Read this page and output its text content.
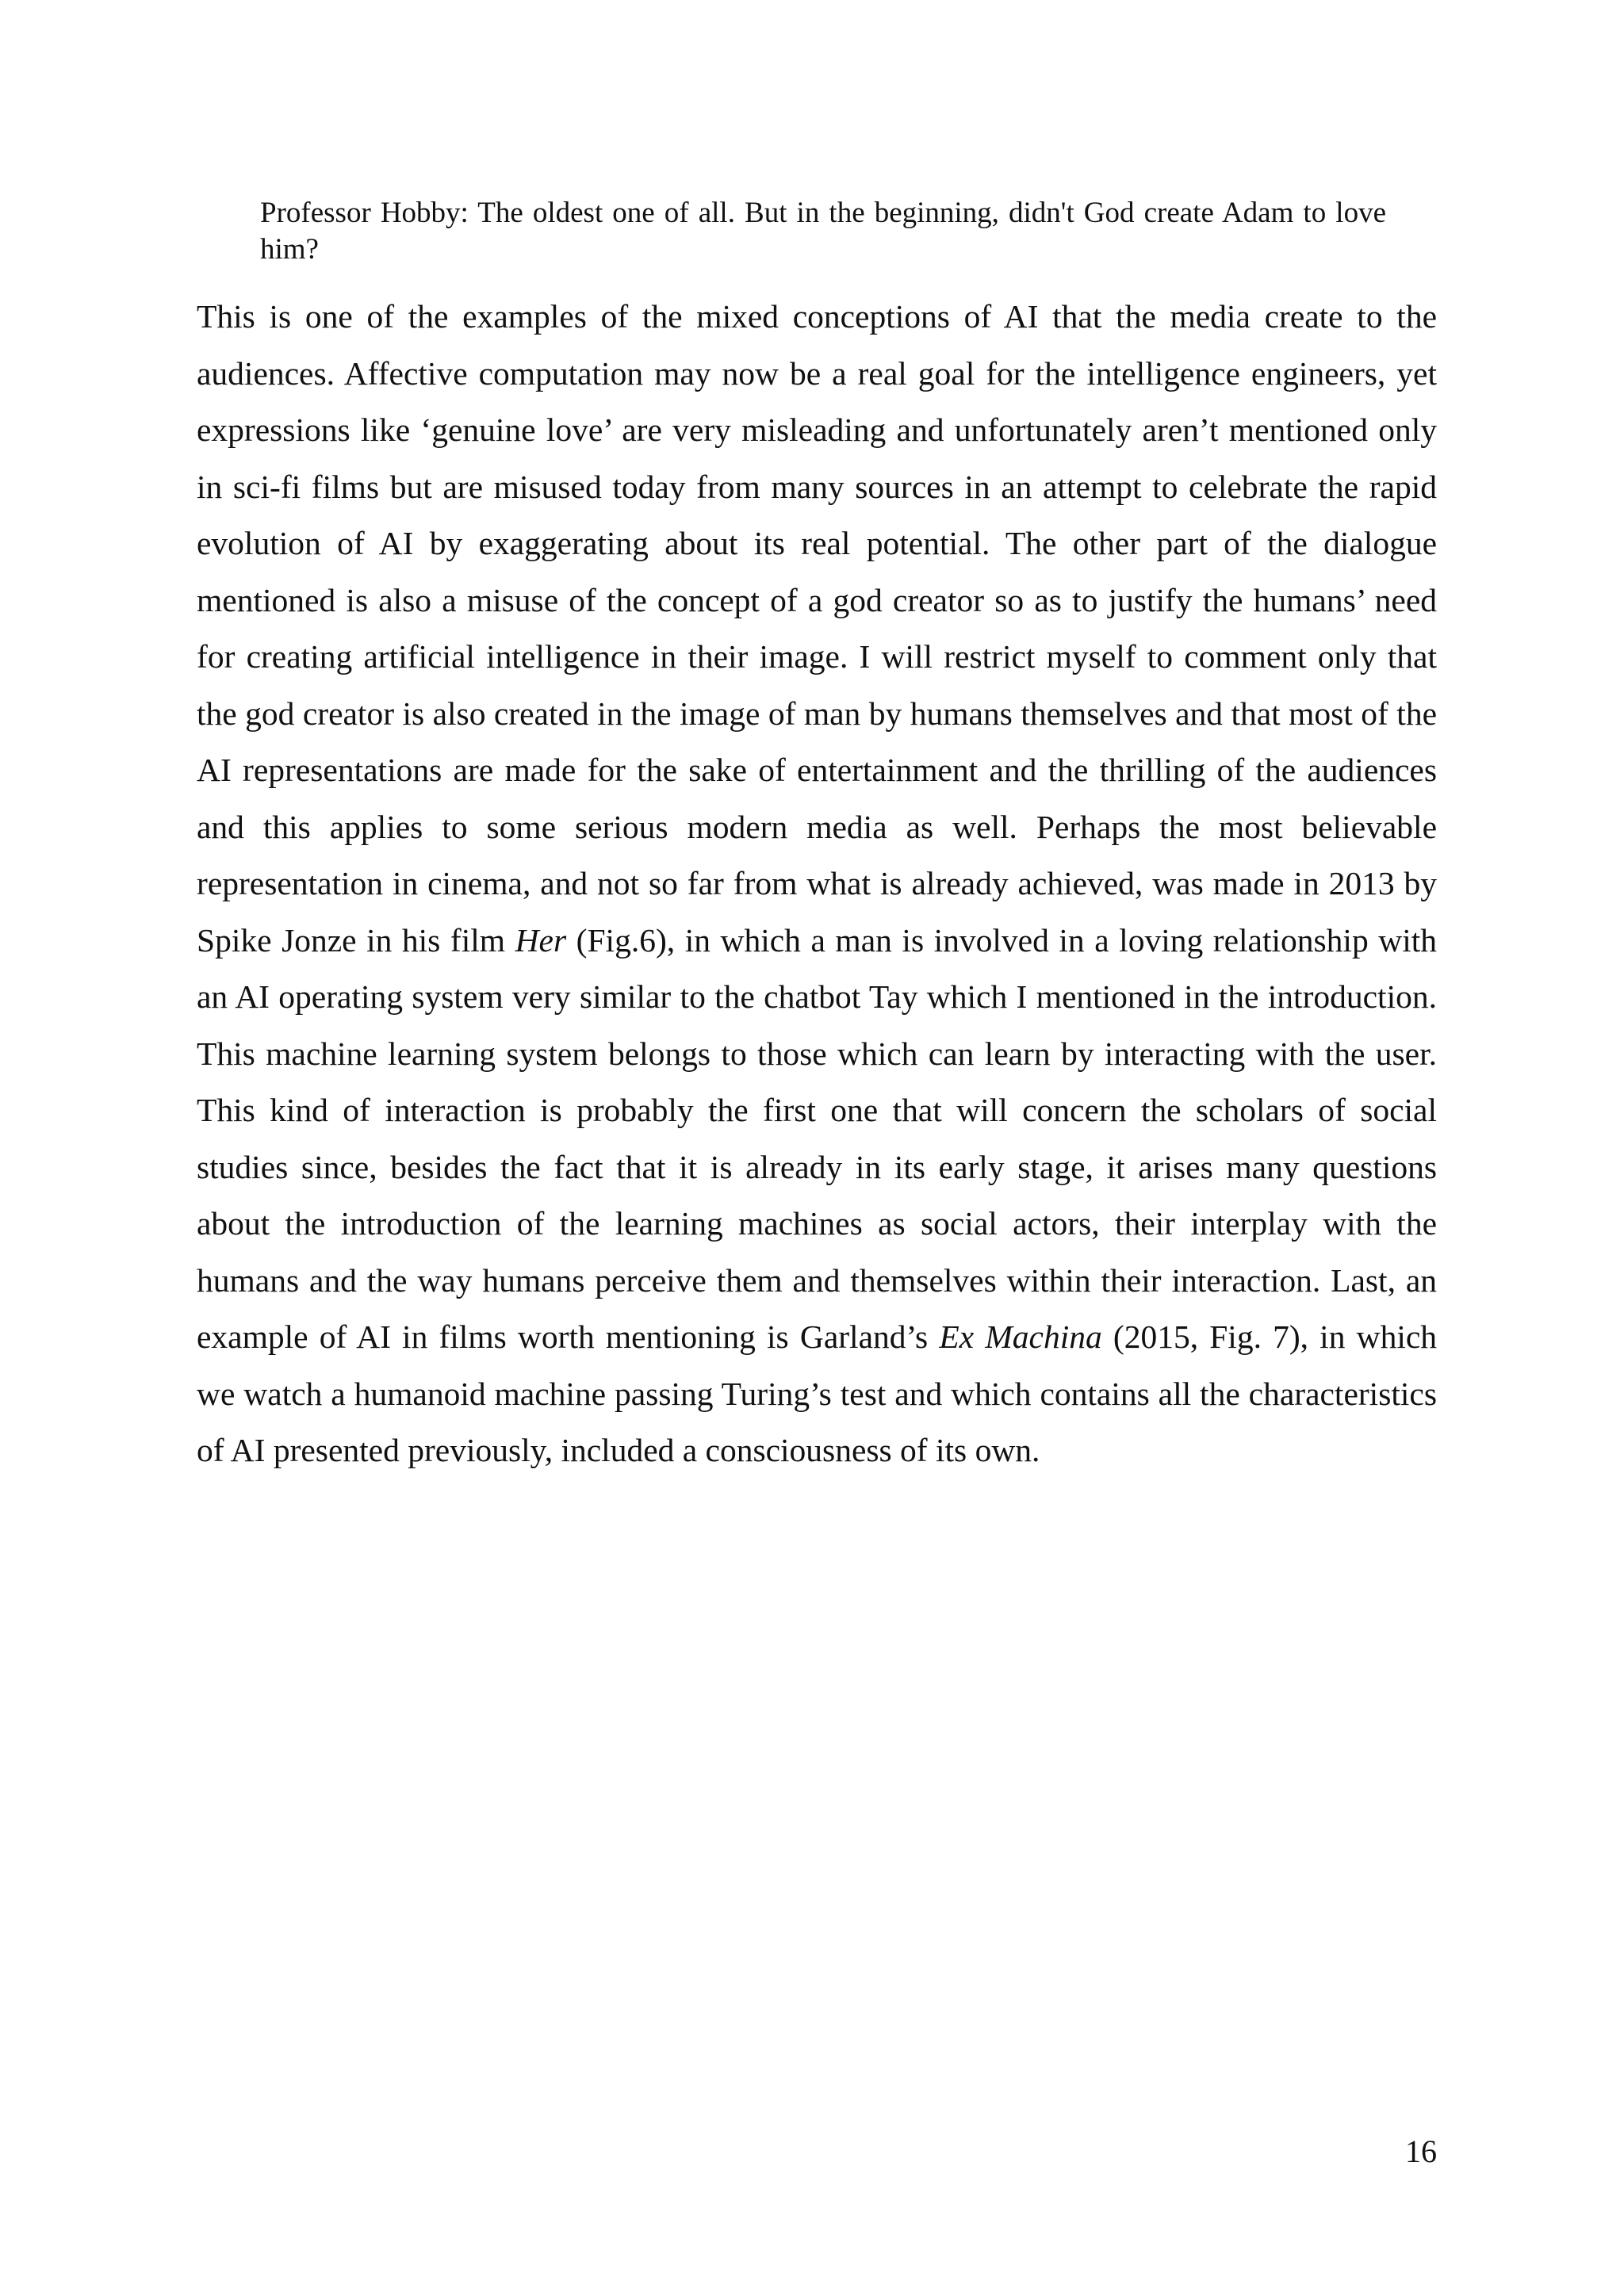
Professor Hobby: The oldest one of all. But in the beginning, didn't God create Adam to love him?

This is one of the examples of the mixed conceptions of AI that the media create to the audiences. Affective computation may now be a real goal for the intelligence engineers, yet expressions like ‘genuine love’ are very misleading and unfortunately aren’t mentioned only in sci-fi films but are misused today from many sources in an attempt to celebrate the rapid evolution of AI by exaggerating about its real potential. The other part of the dialogue mentioned is also a misuse of the concept of a god creator so as to justify the humans’ need for creating artificial intelligence in their image. I will restrict myself to comment only that the god creator is also created in the image of man by humans themselves and that most of the AI representations are made for the sake of entertainment and the thrilling of the audiences and this applies to some serious modern media as well. Perhaps the most believable representation in cinema, and not so far from what is already achieved, was made in 2013 by Spike Jonze in his film Her (Fig.6), in which a man is involved in a loving relationship with an AI operating system very similar to the chatbot Tay which I mentioned in the introduction. This machine learning system belongs to those which can learn by interacting with the user. This kind of interaction is probably the first one that will concern the scholars of social studies since, besides the fact that it is already in its early stage, it arises many questions about the introduction of the learning machines as social actors, their interplay with the humans and the way humans perceive them and themselves within their interaction. Last, an example of AI in films worth mentioning is Garland’s Ex Machina (2015, Fig. 7), in which we watch a humanoid machine passing Turing’s test and which contains all the characteristics of AI presented previously, included a consciousness of its own.

16
